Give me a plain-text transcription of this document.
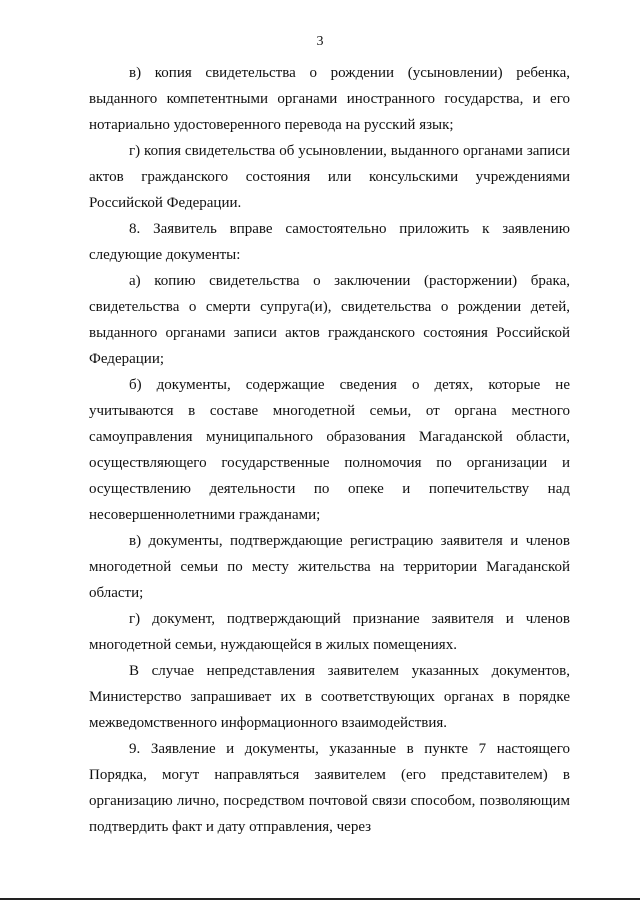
3

в) копия свидетельства о рождении (усыновлении) ребенка, выданного компетентными органами иностранного государства, и его нотариально удостоверенного перевода на русский язык;

г) копия свидетельства об усыновлении, выданного органами записи актов гражданского состояния или консульскими учреждениями Российской Федерации.

8. Заявитель вправе самостоятельно приложить к заявлению следующие документы:

а) копию свидетельства о заключении (расторжении) брака, свидетельства о смерти супруга(и), свидетельства о рождении детей, выданного органами записи актов гражданского состояния Российской Федерации;

б) документы, содержащие сведения о детях, которые не учитываются в составе многодетной семьи, от органа местного самоуправления муниципального образования Магаданской области, осуществляющего государственные полномочия по организации и осуществлению деятельности по опеке и попечительству над несовершеннолетними гражданами;

в) документы, подтверждающие регистрацию заявителя и членов многодетной семьи по месту жительства на территории Магаданской области;

г) документ, подтверждающий признание заявителя и членов многодетной семьи, нуждающейся в жилых помещениях.

В случае непредставления заявителем указанных документов, Министерство запрашивает их в соответствующих органах в порядке межведомственного информационного взаимодействия.

9. Заявление и документы, указанные в пункте 7 настоящего Порядка, могут направляться заявителем (его представителем) в организацию лично, посредством почтовой связи способом, позволяющим подтвердить факт и дату отправления, через
